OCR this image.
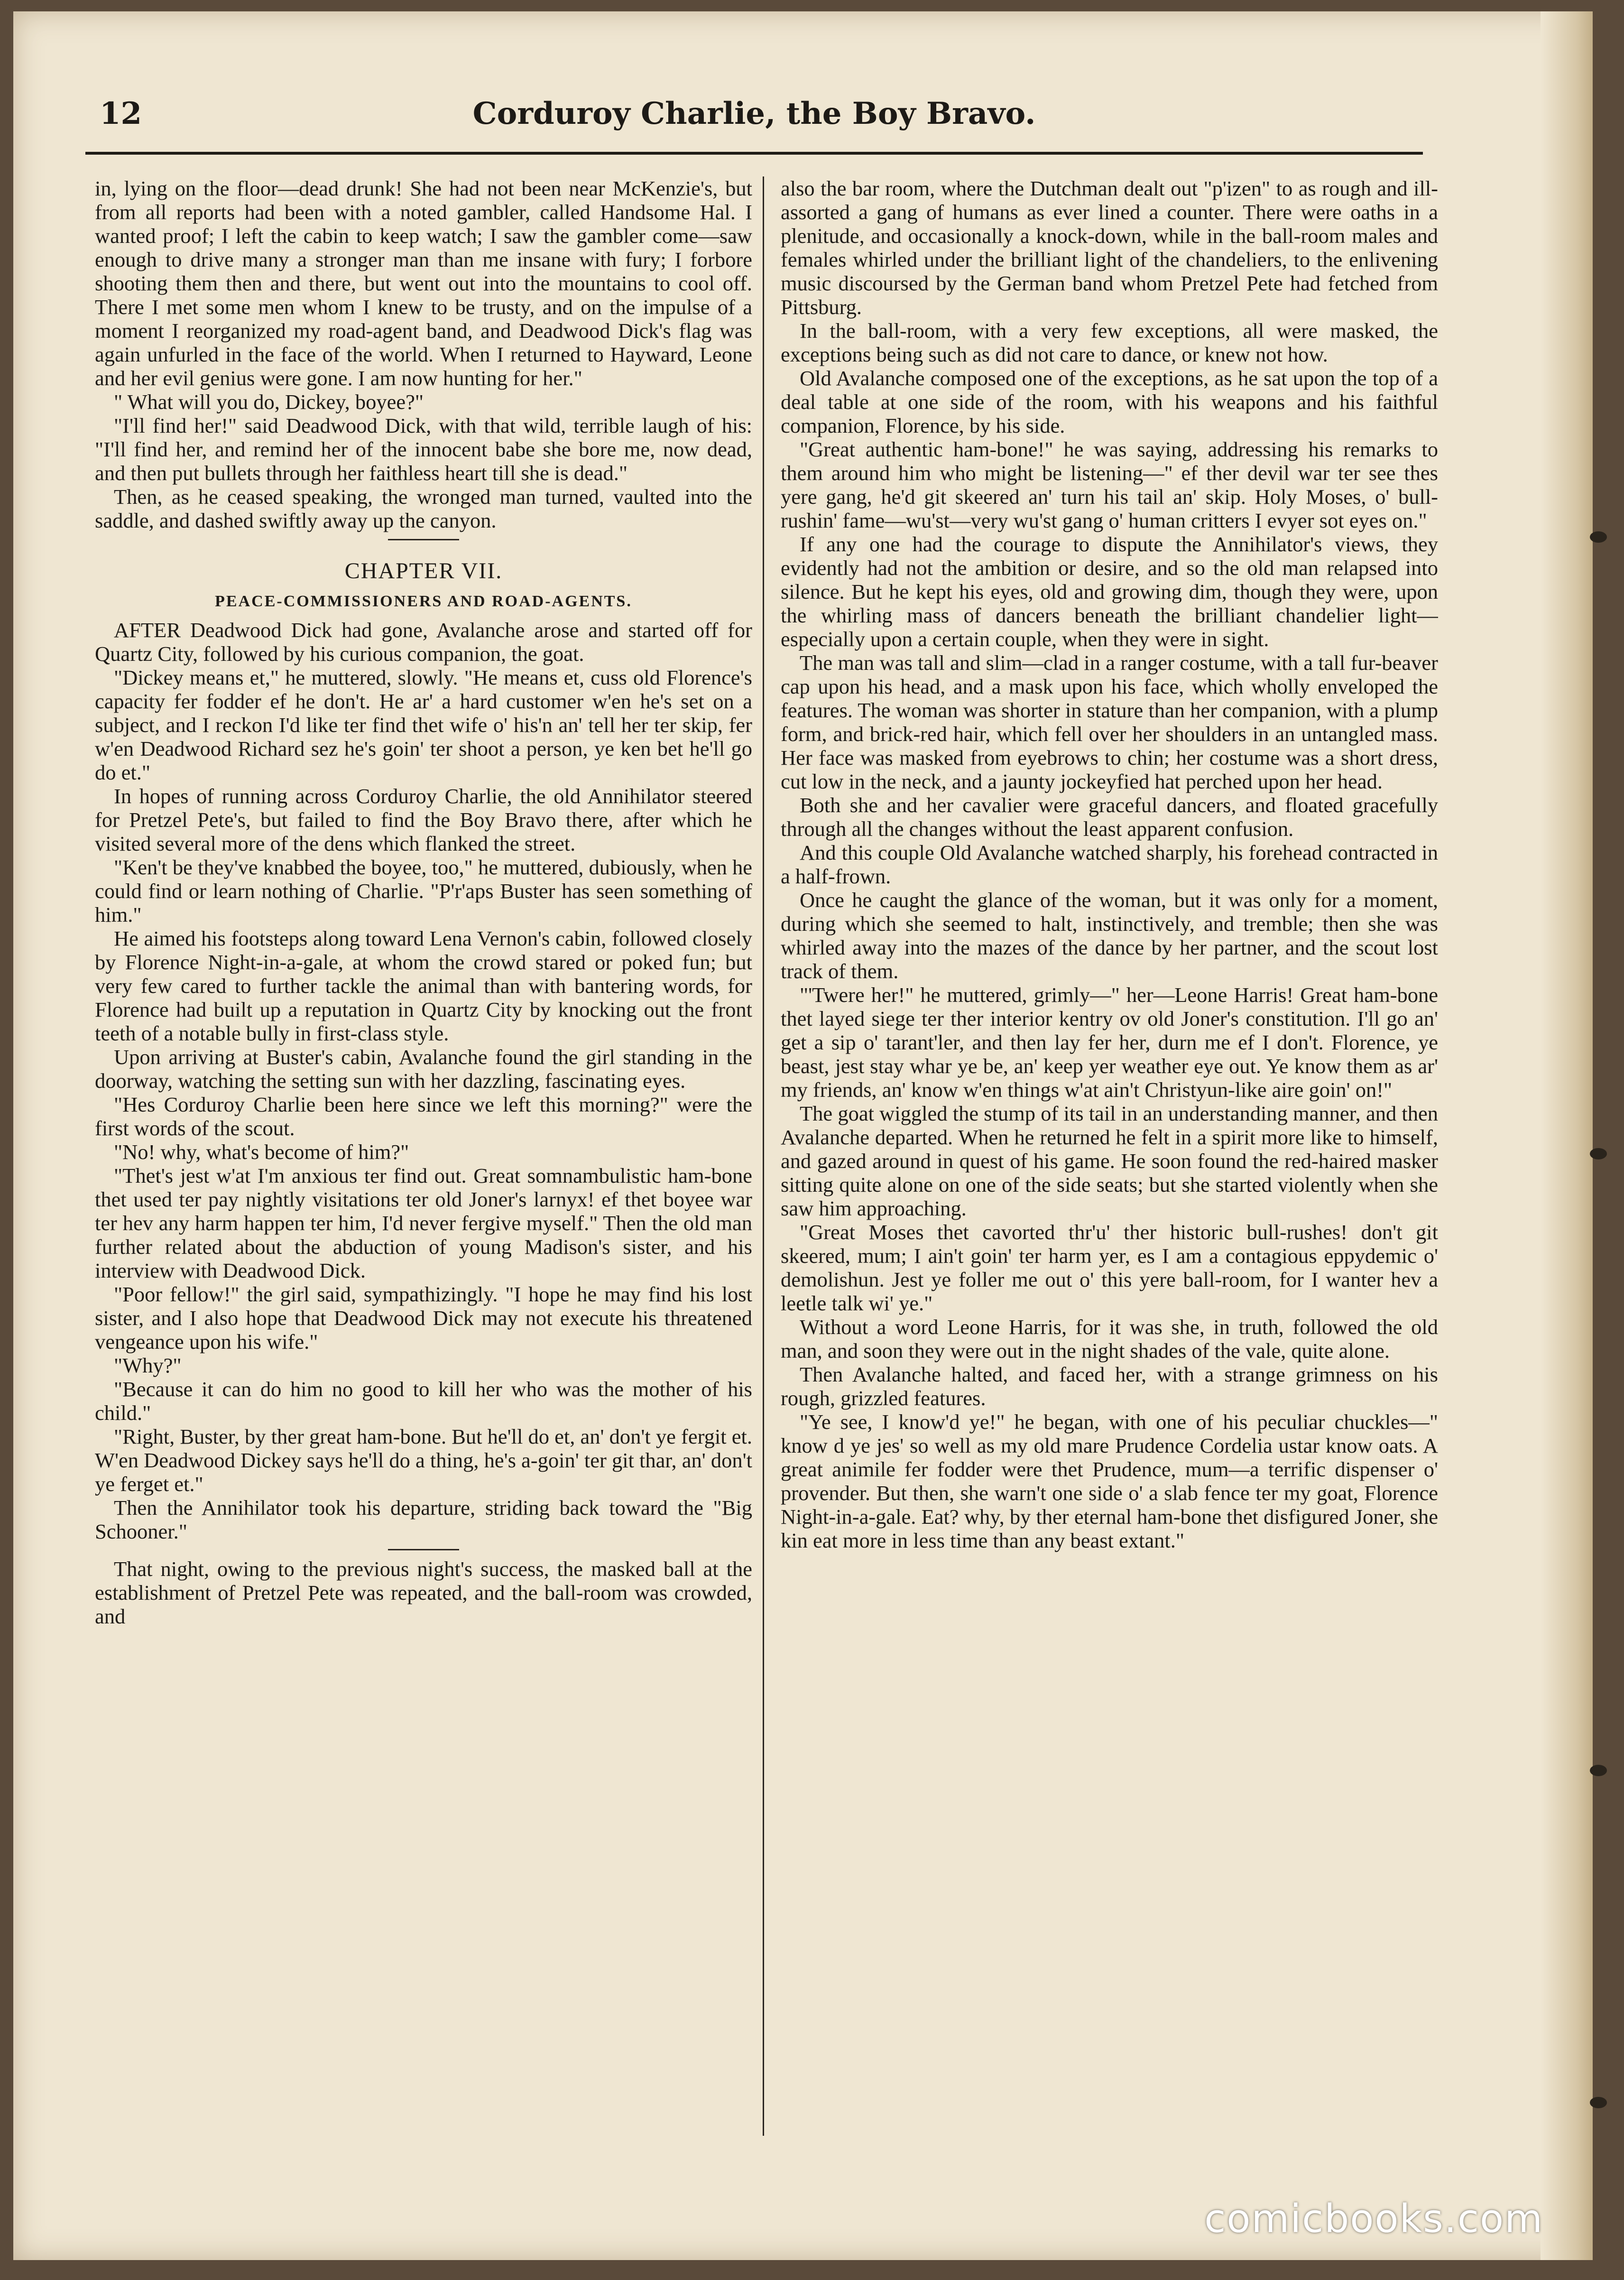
12	Corduroy Charlie, the Boy Bravo.

in, lying on the floor—dead drunk! She had not been near McKenzie's, but from all reports had been with a noted gambler, called Handsome Hal. I wanted proof; I left the cabin to keep watch; I saw the gambler come—saw enough to drive many a stronger man than me insane with fury; I forbore shooting them then and there, but went out into the mountains to cool off. There I met some men whom I knew to be trusty, and on the impulse of a moment I reorganized my road-agent band, and Deadwood Dick's flag was again unfurled in the face of the world. When I returned to Hayward, Leone and her evil genius were gone. I am now hunting for her."

" What will you do, Dickey, boyee?"

"I'll find her!" said Deadwood Dick, with that wild, terrible laugh of his: "I'll find her, and remind her of the innocent babe she bore me, now dead, and then put bullets through her faithless heart till she is dead."

Then, as he ceased speaking, the wronged man turned, vaulted into the saddle, and dashed swiftly away up the canyon.

CHAPTER VII.
PEACE-COMMISSIONERS AND ROAD-AGENTS.

AFTER Deadwood Dick had gone, Avalanche arose and started off for Quartz City, followed by his curious companion, the goat.

"Dickey means et," he muttered, slowly. "He means et, cuss old Florence's capacity fer fodder ef he don't. He ar' a hard customer w'en he's set on a subject, and I reckon I'd like ter find thet wife o' his'n an' tell her ter skip, fer w'en Deadwood Richard sez he's goin' ter shoot a person, ye ken bet he'll go do et."

In hopes of running across Corduroy Charlie, the old Annihilator steered for Pretzel Pete's, but failed to find the Boy Bravo there, after which he visited several more of the dens which flanked the street.

"Ken't be they've knabbed the boyee, too," he muttered, dubiously, when he could find or learn nothing of Charlie. "P'r'aps Buster has seen something of him."

He aimed his footsteps along toward Lena Vernon's cabin, followed closely by Florence Night-in-a-gale, at whom the crowd stared or poked fun; but very few cared to further tackle the animal than with bantering words, for Florence had built up a reputation in Quartz City by knocking out the front teeth of a notable bully in first-class style.

Upon arriving at Buster's cabin, Avalanche found the girl standing in the doorway, watching the setting sun with her dazzling, fascinating eyes.

"Hes Corduroy Charlie been here since we left this morning?" were the first words of the scout.

"No! why, what's become of him?"

"Thet's jest w'at I'm anxious ter find out. Great somnambulistic ham-bone thet used ter pay nightly visitations ter old Joner's larnyx! ef thet boyee war ter hev any harm happen ter him, I'd never fergive myself." Then the old man further related about the abduction of young Madison's sister, and his interview with Deadwood Dick.

"Poor fellow!" the girl said, sympathizingly. "I hope he may find his lost sister, and I also hope that Deadwood Dick may not execute his threatened vengeance upon his wife."

"Why?"

"Because it can do him no good to kill her who was the mother of his child."

"Right, Buster, by ther great ham-bone. But he'll do et, an' don't ye fergit et. W'en Deadwood Dickey says he'll do a thing, he's a-goin' ter git thar, an' don't ye ferget et."

Then the Annihilator took his departure, striding back toward the "Big Schooner."

That night, owing to the previous night's success, the masked ball at the establishment of Pretzel Pete was repeated, and the ball-room was crowded, and

also the bar room, where the Dutchman dealt out "p'izen" to as rough and ill-assorted a gang of humans as ever lined a counter. There were oaths in a plenitude, and occasionally a knock-down, while in the ball-room males and females whirled under the brilliant light of the chandeliers, to the enlivening music discoursed by the German band whom Pretzel Pete had fetched from Pittsburg.

In the ball-room, with a very few exceptions, all were masked, the exceptions being such as did not care to dance, or knew not how.

Old Avalanche composed one of the exceptions, as he sat upon the top of a deal table at one side of the room, with his weapons and his faithful companion, Florence, by his side.

"Great authentic ham-bone!" he was saying, addressing his remarks to them around him who might be listening—" ef ther devil war ter see thes yere gang, he'd git skeered an' turn his tail an' skip. Holy Moses, o' bull-rushin' fame—wu'st—very wu'st gang o' human critters I evyer sot eyes on."

If any one had the courage to dispute the Annihilator's views, they evidently had not the ambition or desire, and so the old man relapsed into silence. But he kept his eyes, old and growing dim, though they were, upon the whirling mass of dancers beneath the brilliant chandelier light—especially upon a certain couple, when they were in sight.

The man was tall and slim—clad in a ranger costume, with a tall fur-beaver cap upon his head, and a mask upon his face, which wholly enveloped the features. The woman was shorter in stature than her companion, with a plump form, and brick-red hair, which fell over her shoulders in an untangled mass. Her face was masked from eyebrows to chin; her costume was a short dress, cut low in the neck, and a jaunty jockeyfied hat perched upon her head.

Both she and her cavalier were graceful dancers, and floated gracefully through all the changes without the least apparent confusion.

And this couple Old Avalanche watched sharply, his forehead contracted in a half-frown.

Once he caught the glance of the woman, but it was only for a moment, during which she seemed to halt, instinctively, and tremble; then she was whirled away into the mazes of the dance by her partner, and the scout lost track of them.

"'Twere her!" he muttered, grimly—" her—Leone Harris! Great ham-bone thet layed siege ter ther interior kentry ov old Joner's constitution. I'll go an' get a sip o' tarant'ler, and then lay fer her, durn me ef I don't. Florence, ye beast, jest stay whar ye be, an' keep yer weather eye out. Ye know them as ar' my friends, an' know w'en things w'at ain't Christyun-like aire goin' on!"

The goat wiggled the stump of its tail in an understanding manner, and then Avalanche departed. When he returned he felt in a spirit more like to himself, and gazed around in quest of his game. He soon found the red-haired masker sitting quite alone on one of the side seats; but she started violently when she saw him approaching.

"Great Moses thet cavorted thr'u' ther historic bull-rushes! don't git skeered, mum; I ain't goin' ter harm yer, es I am a contagious eppydemic o' demolishun. Jest ye foller me out o' this yere ball-room, for I wanter hev a leetle talk wi' ye."

Without a word Leone Harris, for it was she, in truth, followed the old man, and soon they were out in the night shades of the vale, quite alone.

Then Avalanche halted, and faced her, with a strange grimness on his rough, grizzled features.

"Ye see, I know'd ye!" he began, with one of his peculiar chuckles—" know d ye jes' so well as my old mare Prudence Cordelia ustar know oats. A great animile fer fodder were thet Prudence, mum—a terrific dispenser o' provender. But then, she warn't one side o' a slab fence ter my goat, Florence Night-in-a-gale. Eat? why, by ther eternal ham-bone thet disfigured Joner, she kin eat more in less time than any beast extant."

comicbooks.com
